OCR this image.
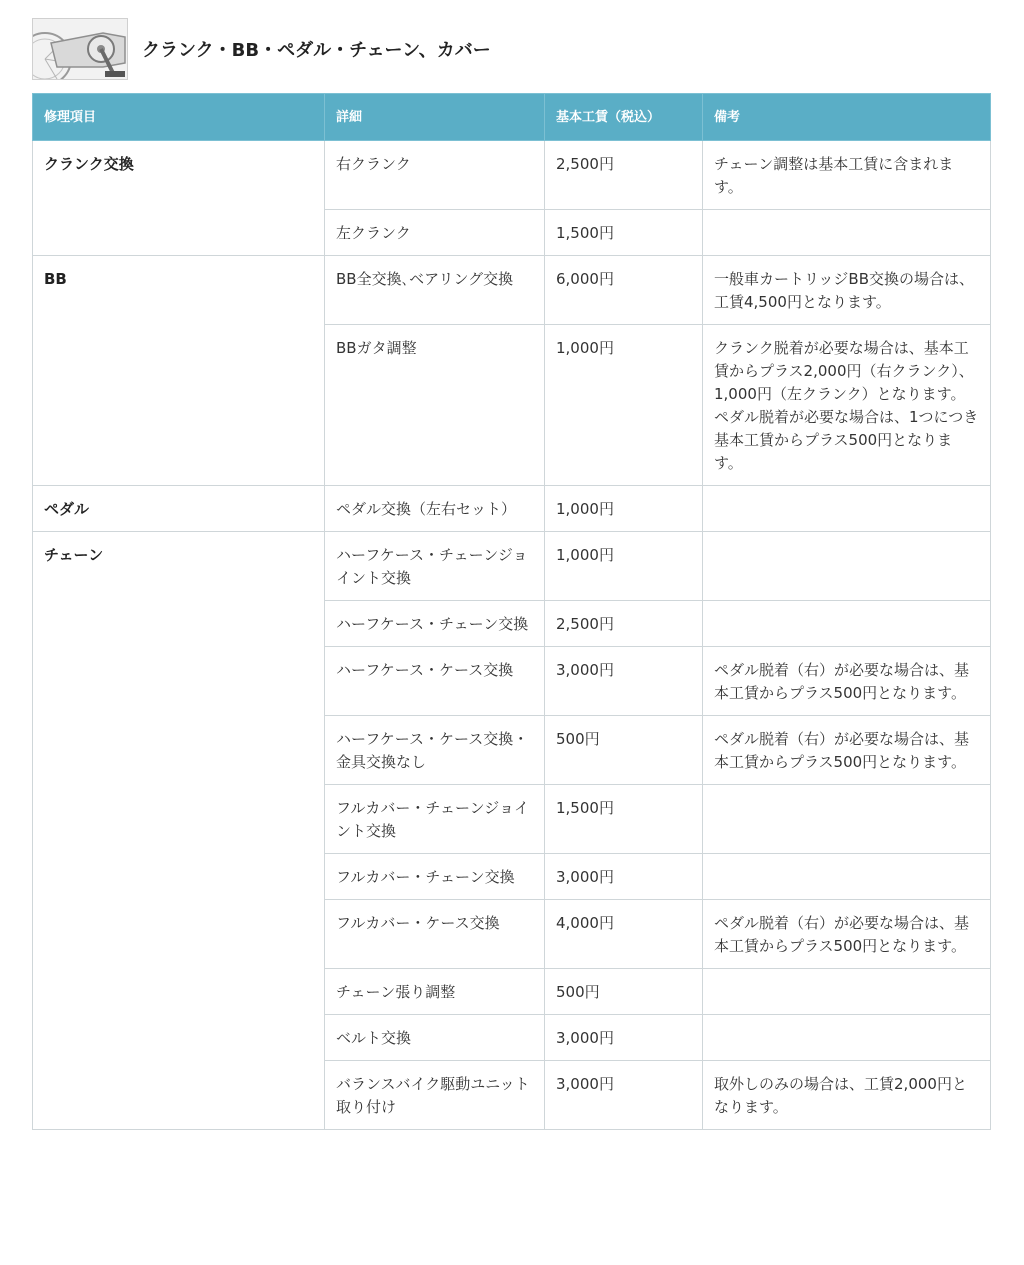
クランク・BB・ペダル・チェーン、カバー
修理項目	詳細	基本工賃（税込）	備考
クランク交換	右クランク	2,500円	チェーン調整は基本工賃に含まれます。
	左クランク	1,500円	
BB	BB全交換､ベアリング交換	6,000円	一般車カートリッジBB交換の場合は、工賃4,500円となります。
	BBガタ調整	1,000円	クランク脱着が必要な場合は、基本工賃からプラス2,000円（右クランク）、1,000円（左クランク）となります。ペダル脱着が必要な場合は、1つにつき基本工賃からプラス500円となります。
ペダル	ペダル交換（左右セット）	1,000円	
チェーン	ハーフケース・チェーンジョイント交換	1,000円	
	ハーフケース・チェーン交換	2,500円	
	ハーフケース・ケース交換	3,000円	ペダル脱着（右）が必要な場合は、基本工賃からプラス500円となります。
	ハーフケース・ケース交換・金具交換なし	500円	ペダル脱着（右）が必要な場合は、基本工賃からプラス500円となります。
	フルカバー・チェーンジョイント交換	1,500円	
	フルカバー・チェーン交換	3,000円	
	フルカバー・ケース交換	4,000円	ペダル脱着（右）が必要な場合は、基本工賃からプラス500円となります。
	チェーン張り調整	500円	
	ベルト交換	3,000円	
	バランスバイク駆動ユニット取り付け	3,000円	取外しのみの場合は、工賃2,000円となります。
